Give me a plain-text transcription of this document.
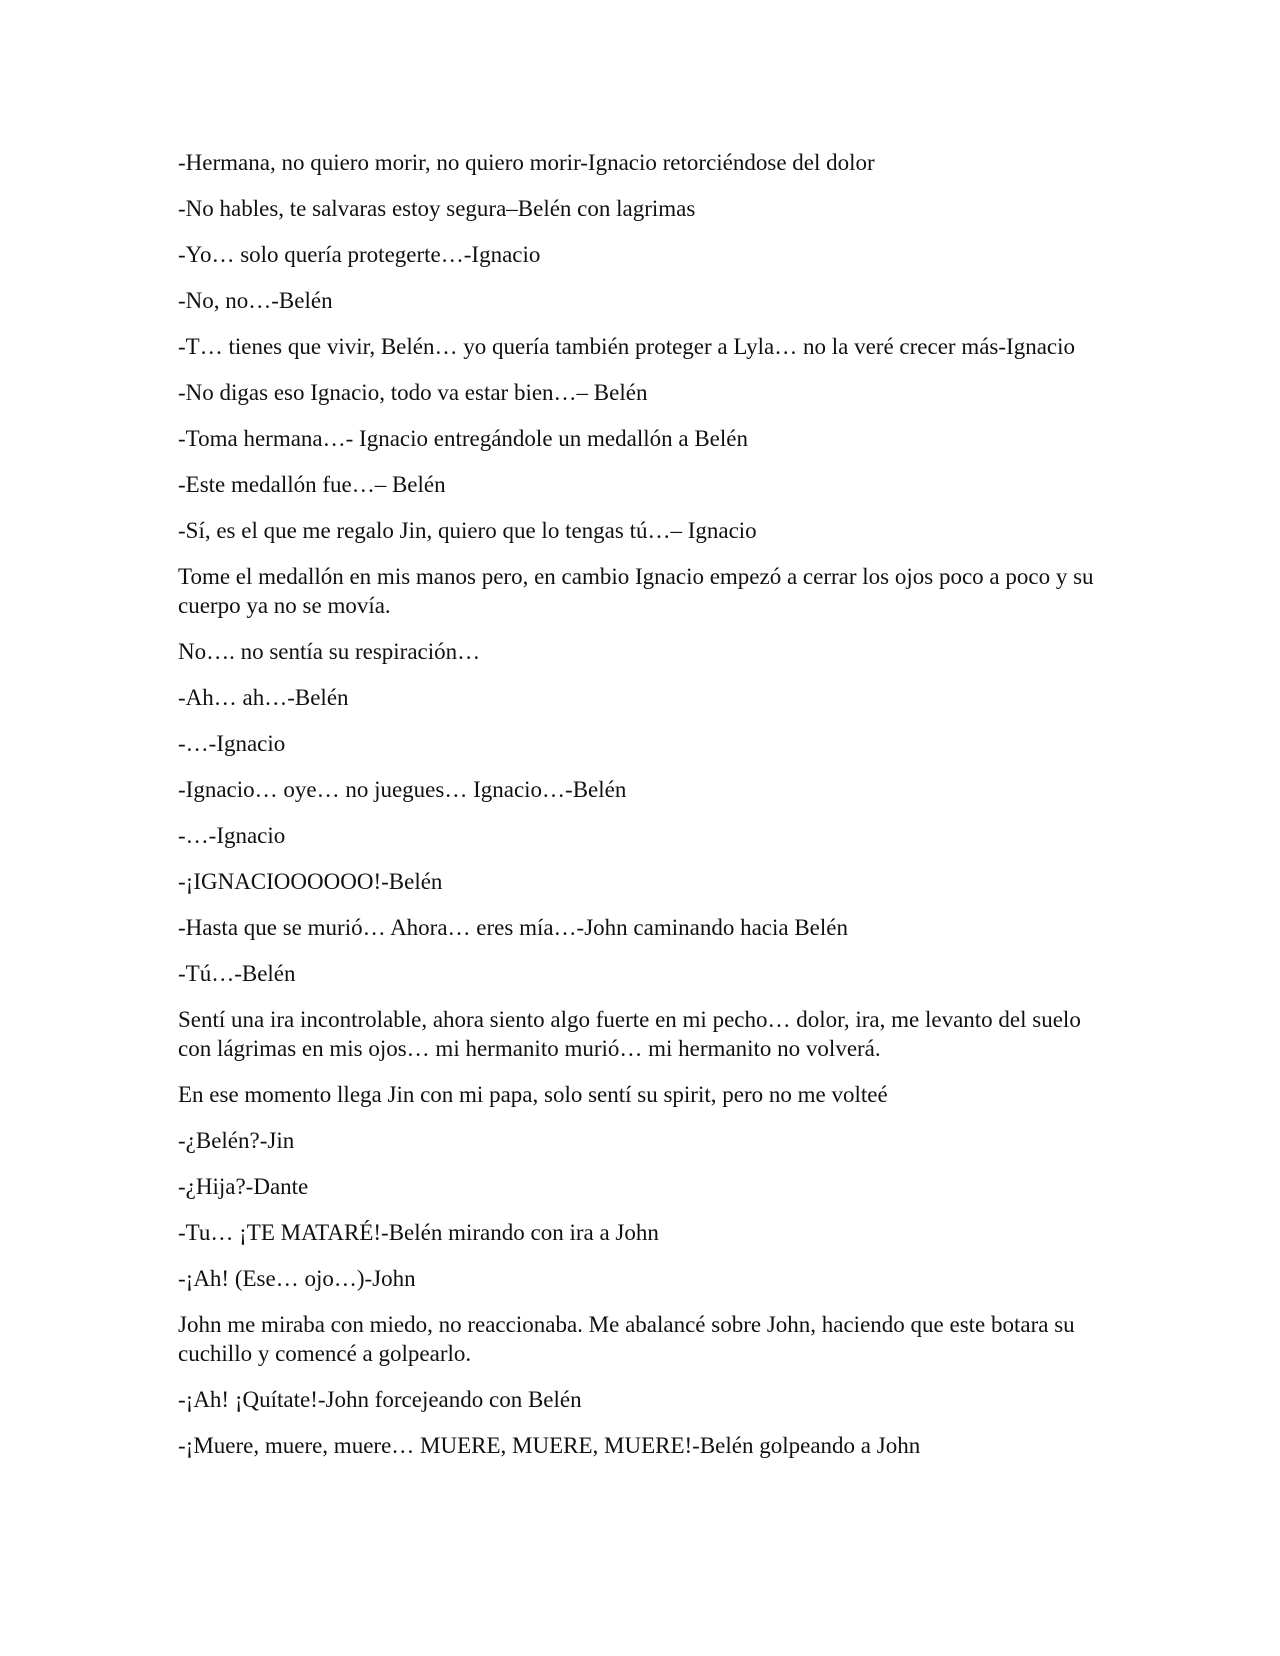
-Hermana, no quiero morir, no quiero morir-Ignacio retorciéndose del dolor

-No hables, te salvaras estoy segura–Belén con lagrimas

-Yo… solo quería protegerte…-Ignacio

-No, no…-Belén

-T… tienes que vivir, Belén… yo quería también proteger a Lyla… no la veré crecer más-Ignacio

-No digas eso Ignacio, todo va estar bien…– Belén

-Toma hermana…- Ignacio entregándole un medallón a Belén

-Este medallón fue…– Belén

-Sí, es el que me regalo Jin, quiero que lo tengas tú…– Ignacio

Tome el medallón en mis manos pero, en cambio Ignacio empezó a cerrar los ojos poco a poco y su cuerpo ya no se movía.

No…. no sentía su respiración…

-Ah… ah…-Belén

-…-Ignacio

-Ignacio… oye… no juegues… Ignacio…-Belén

-…-Ignacio

-¡IGNACIOOOOOO!-Belén

-Hasta que se murió… Ahora… eres mía…-John caminando hacia Belén

-Tú…-Belén

Sentí una ira incontrolable, ahora siento algo fuerte en mi pecho… dolor, ira, me levanto del suelo con lágrimas en mis ojos… mi hermanito murió… mi hermanito no volverá.

En ese momento llega Jin con mi papa, solo sentí su spirit, pero no me volteé

-¿Belén?-Jin

-¿Hija?-Dante

-Tu… ¡TE MATARÉ!-Belén mirando con ira a John

-¡Ah! (Ese… ojo…)-John

John me miraba con miedo, no reaccionaba. Me abalancé sobre John, haciendo que este botara su cuchillo y comencé a golpearlo.

-¡Ah! ¡Quítate!-John forcejeando con Belén

-¡Muere, muere, muere… MUERE, MUERE, MUERE!-Belén golpeando a John
